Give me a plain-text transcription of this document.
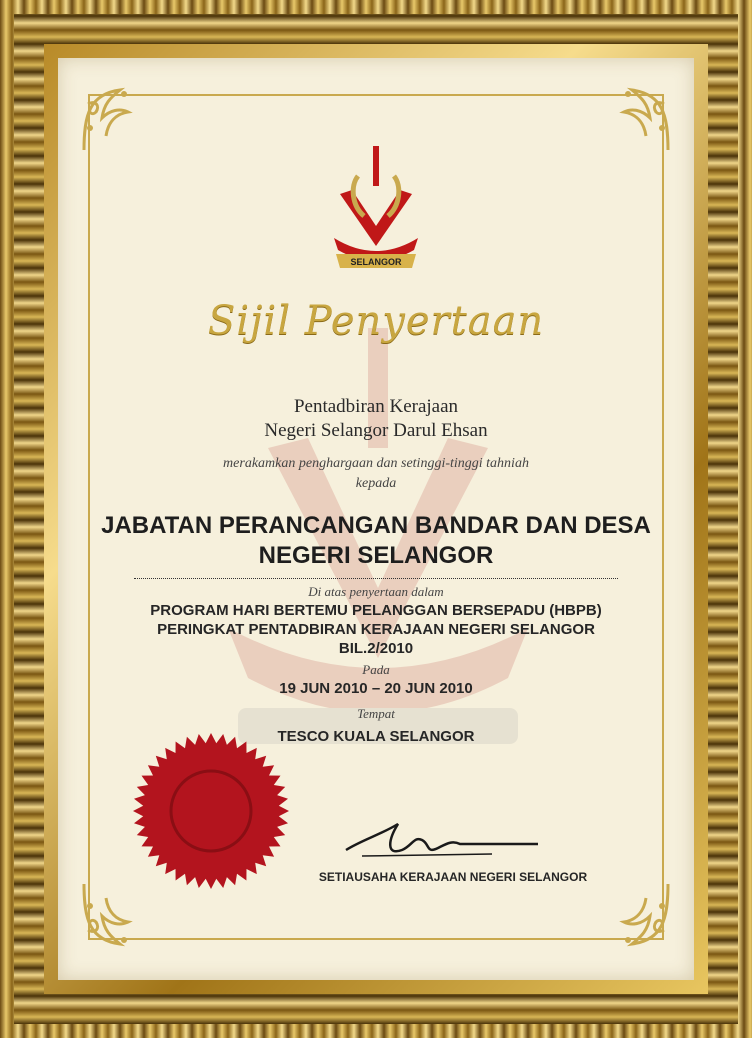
SELANGOR

Sijil Penyertaan

Pentadbiran Kerajaan

Negeri Selangor Darul Ehsan

merakamkan penghargaan dan setinggi-tinggi tahniah

kepada

JABATAN PERANCANGAN BANDAR DAN DESA

NEGERI SELANGOR

Di atas penyertaan dalam

PROGRAM HARI BERTEMU PELANGGAN BERSEPADU (HBPB)

PERINGKAT PENTADBIRAN KERAJAAN NEGERI SELANGOR

BIL.2/2010

Pada

19 JUN 2010 – 20 JUN 2010

Tempat

TESCO KUALA SELANGOR

SETIAUSAHA KERAJAAN NEGERI SELANGOR
